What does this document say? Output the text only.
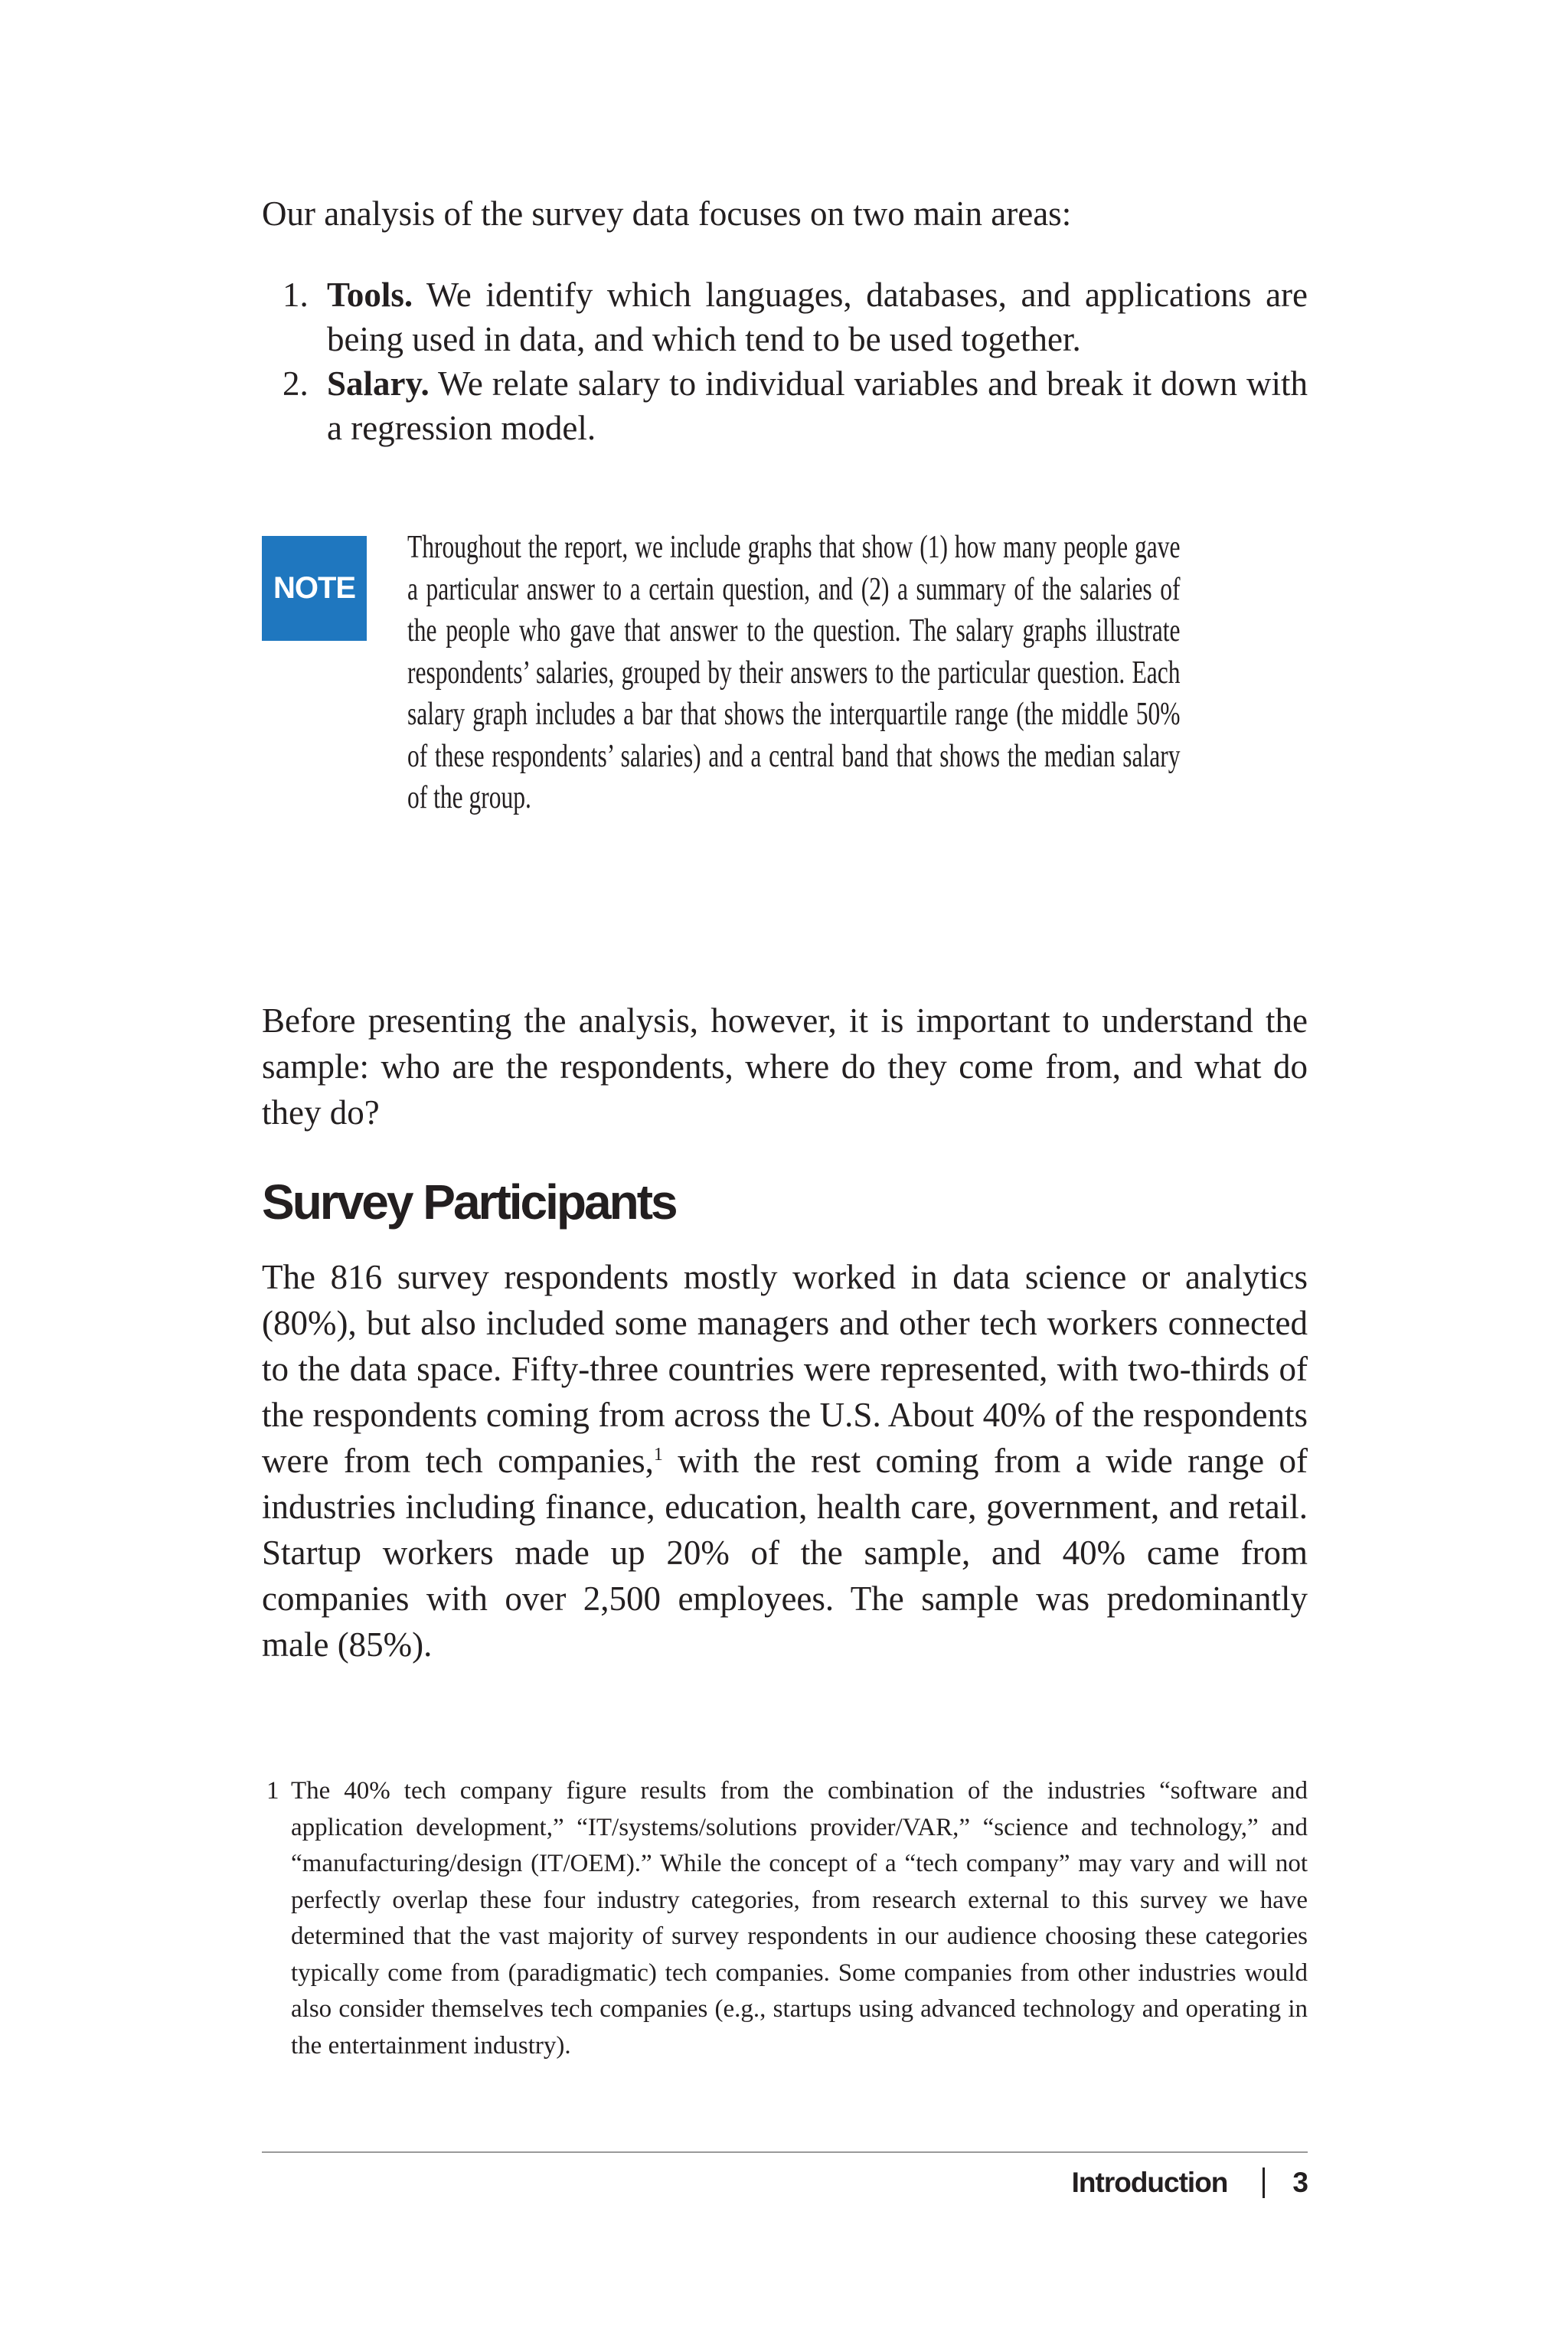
Our analysis of the survey data focuses on two main areas:

1. Tools. We identify which languages, databases, and applications are being used in data, and which tend to be used together.
2. Salary. We relate salary to individual variables and break it down with a regression model.
NOTE

Throughout the report, we include graphs that show (1) how many people gave a particular answer to a certain question, and (2) a summary of the salaries of the people who gave that answer to the question. The salary graphs illustrate respondents’ salaries, grouped by their answers to the particular question. Each salary graph includes a bar that shows the interquartile range (the middle 50% of these respondents’ salaries) and a central band that shows the median salary of the group.

Before presenting the analysis, however, it is important to understand the sample: who are the respondents, where do they come from, and what do they do?

Survey Participants

The 816 survey respondents mostly worked in data science or analytics (80%), but also included some managers and other tech workers connected to the data space. Fifty-three countries were represented, with two-thirds of the respondents coming from across the U.S. About 40% of the respondents were from tech companies,$^1$ with the rest coming from a wide range of industries including finance, education, health care, government, and retail. Startup workers made up 20% of the sample, and 40% came from companies with over 2,500 employees. The sample was predominantly male (85%).

1 The 40% tech company figure results from the combination of the industries “software and application development,” “IT/systems/solutions provider/VAR,” “science and technology,” and “manufacturing/design (IT/OEM).” While the concept of a “tech company” may vary and will not perfectly overlap these four industry categories, from research external to this survey we have determined that the vast majority of survey respondents in our audience choosing these categories typically come from (paradigmatic) tech companies. Some companies from other industries would also consider themselves tech companies (e.g., startups using advanced technology and operating in the entertainment industry).
Introduction 3
